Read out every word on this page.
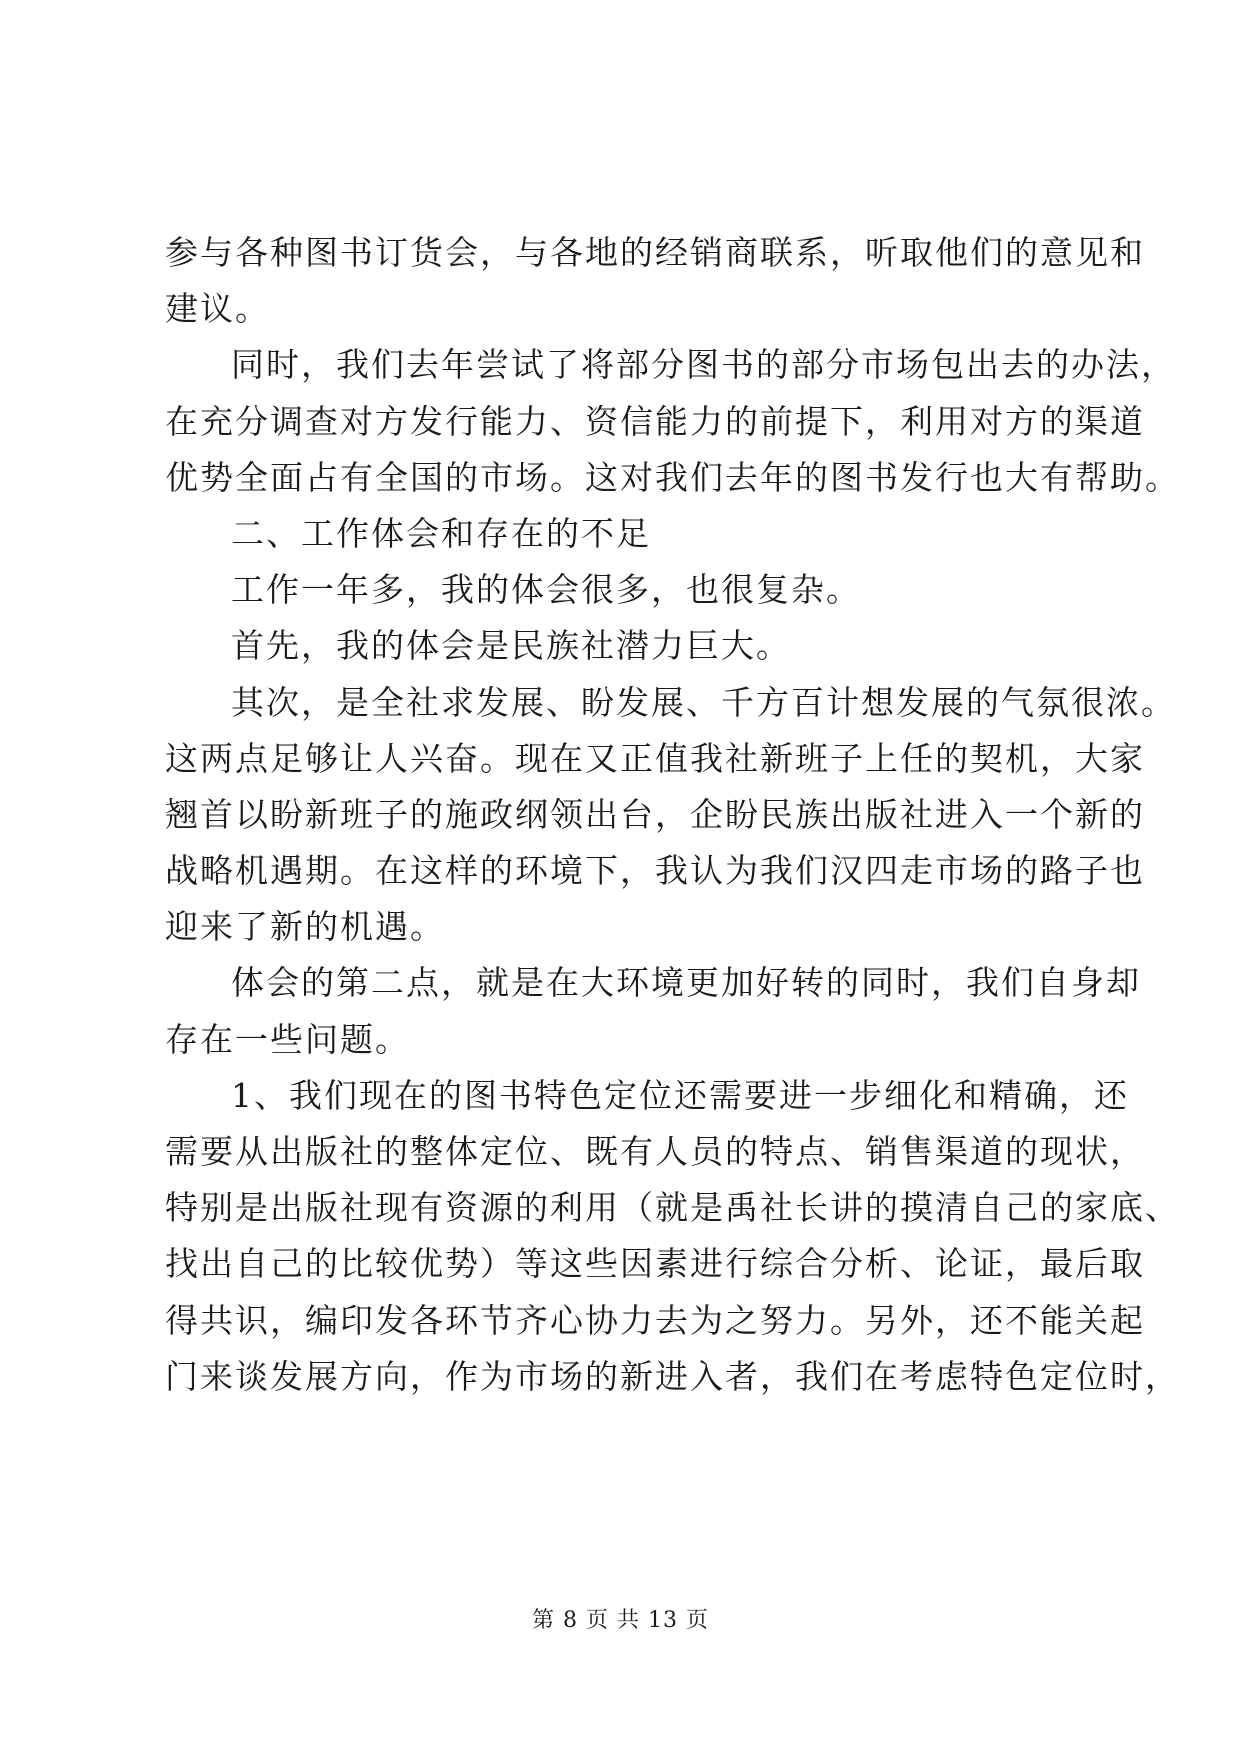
参与各种图书订货会，与各地的经销商联系，听取他们的意见和
建议。
同时，我们去年尝试了将部分图书的部分市场包出去的办法，
在充分调查对方发行能力、资信能力的前提下，利用对方的渠道
优势全面占有全国的市场。这对我们去年的图书发行也大有帮助。
二、工作体会和存在的不足
工作一年多，我的体会很多，也很复杂。
首先，我的体会是民族社潜力巨大。
其次，是全社求发展、盼发展、千方百计想发展的气氛很浓。
这两点足够让人兴奋。现在又正值我社新班子上任的契机，大家
翘首以盼新班子的施政纲领出台，企盼民族出版社进入一个新的
战略机遇期。在这样的环境下，我认为我们汉四走市场的路子也
迎来了新的机遇。
体会的第二点，就是在大环境更加好转的同时，我们自身却
存在一些问题。
1、我们现在的图书特色定位还需要进一步细化和精确，还
需要从出版社的整体定位、既有人员的特点、销售渠道的现状，
特别是出版社现有资源的利用（就是禹社长讲的摸清自己的家底、
找出自己的比较优势）等这些因素进行综合分析、论证，最后取
得共识，编印发各环节齐心协力去为之努力。另外，还不能关起
门来谈发展方向，作为市场的新进入者，我们在考虑特色定位时，
第 8 页 共 13 页
